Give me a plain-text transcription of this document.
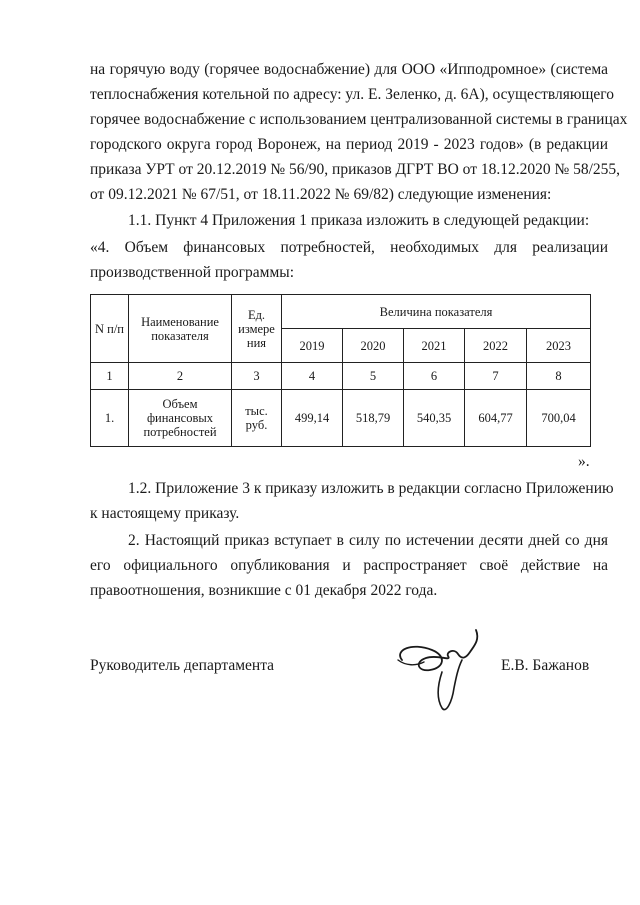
на горячую воду (горячее водоснабжение) для ООО «Ипподромное» (система
теплоснабжения котельной по адресу: ул. Е. Зеленко, д. 6А), осуществляющего
горячее водоснабжение с использованием централизованной системы в границах
городского округа город Воронеж, на период 2019 - 2023 годов» (в редакции
приказа УРТ от 20.12.2019 № 56/90, приказов ДГРТ ВО от 18.12.2020 № 58/255,
от 09.12.2021 № 67/51, от 18.11.2022 № 69/82) следующие изменения:
1.1. Пункт 4 Приложения 1 приказа изложить в следующей редакции:
«4. Объем финансовых потребностей, необходимых для реализации
производственной программы:
N п/п	Наименование показателя	Ед. измере ния	Величина показателя				
			2019	2020	2021	2022	2023
1	2	3	4	5	6	7	8
1.	Объем финансовых потребностей	тыс. руб.	499,14	518,79	540,35	604,77	700,04
».
1.2. Приложение 3 к приказу изложить в редакции согласно Приложению
к настоящему приказу.
2. Настоящий приказ вступает в силу по истечении десяти дней со дня
его официального опубликования и распространяет своё действие на
правоотношения, возникшие с 01 декабря 2022 года.
Руководитель департамента	Е.В. Бажанов
